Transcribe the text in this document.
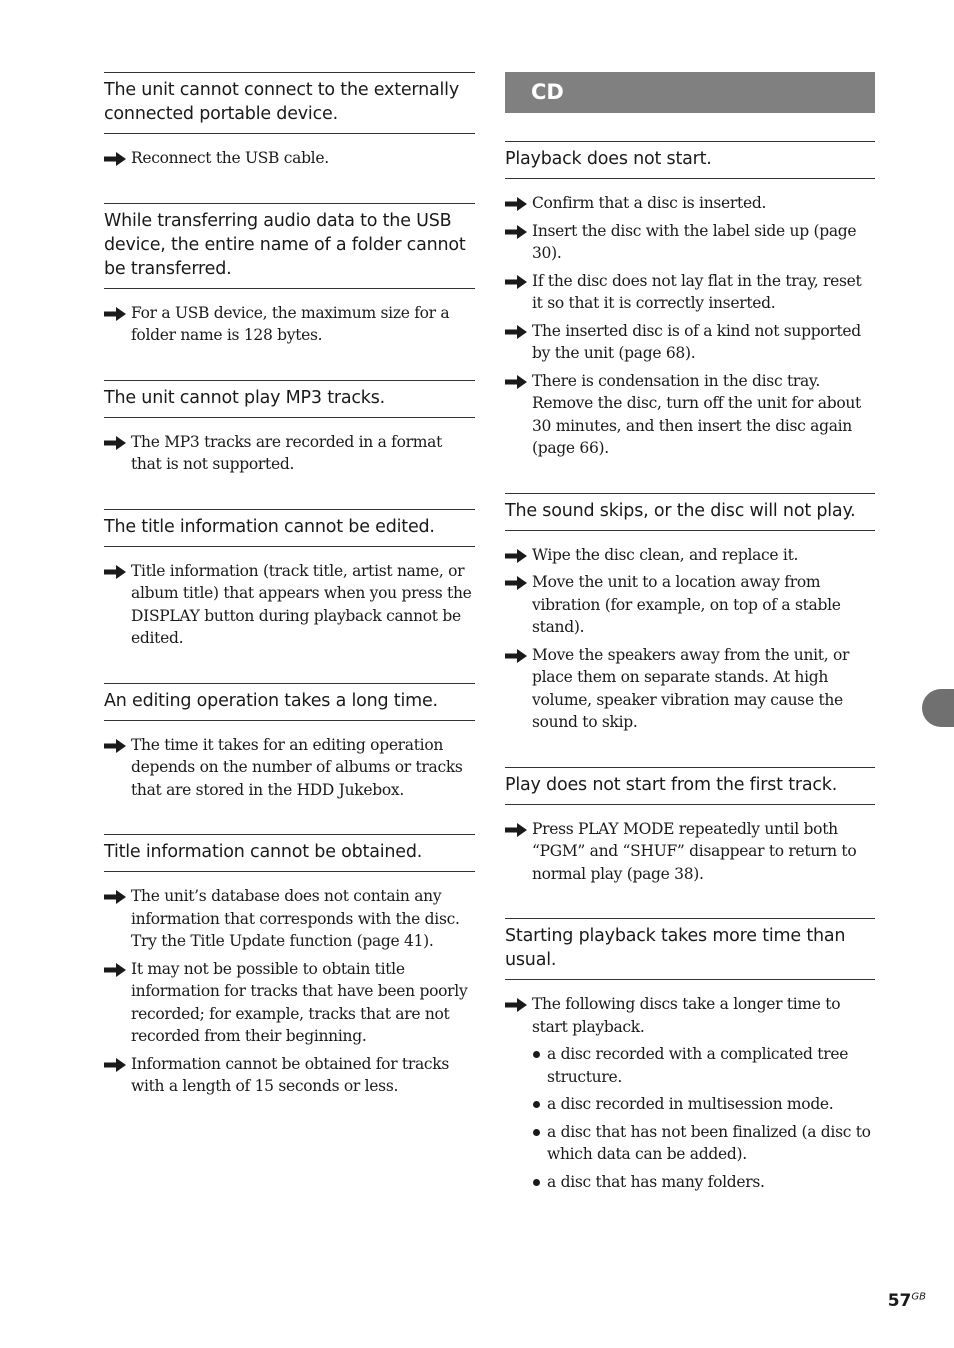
The unit cannot connect to the externally connected portable device.
Reconnect the USB cable.
While transferring audio data to the USB device, the entire name of a folder cannot be transferred.
For a USB device, the maximum size for a folder name is 128 bytes.
The unit cannot play MP3 tracks.
The MP3 tracks are recorded in a format that is not supported.
The title information cannot be edited.
Title information (track title, artist name, or album title) that appears when you press the DISPLAY button during playback cannot be edited.
An editing operation takes a long time.
The time it takes for an editing operation depends on the number of albums or tracks that are stored in the HDD Jukebox.
Title information cannot be obtained.
The unit’s database does not contain any information that corresponds with the disc. Try the Title Update function (page 41).
It may not be possible to obtain title information for tracks that have been poorly recorded; for example, tracks that are not recorded from their beginning.
Information cannot be obtained for tracks with a length of 15 seconds or less.
CD
Playback does not start.
Confirm that a disc is inserted.
Insert the disc with the label side up (page 30).
If the disc does not lay flat in the tray, reset it so that it is correctly inserted.
The inserted disc is of a kind not supported by the unit (page 68).
There is condensation in the disc tray. Remove the disc, turn off the unit for about 30 minutes, and then insert the disc again (page 66).
The sound skips, or the disc will not play.
Wipe the disc clean, and replace it.
Move the unit to a location away from vibration (for example, on top of a stable stand).
Move the speakers away from the unit, or place them on separate stands. At high volume, speaker vibration may cause the sound to skip.
Play does not start from the first track.
Press PLAY MODE repeatedly until both “PGM” and “SHUF” disappear to return to normal play (page 38).
Starting playback takes more time than usual.
The following discs take a longer time to start playback.
a disc recorded with a complicated tree structure.
a disc recorded in multisession mode.
a disc that has not been finalized (a disc to which data can be added).
a disc that has many folders.
$57^{GB}$
